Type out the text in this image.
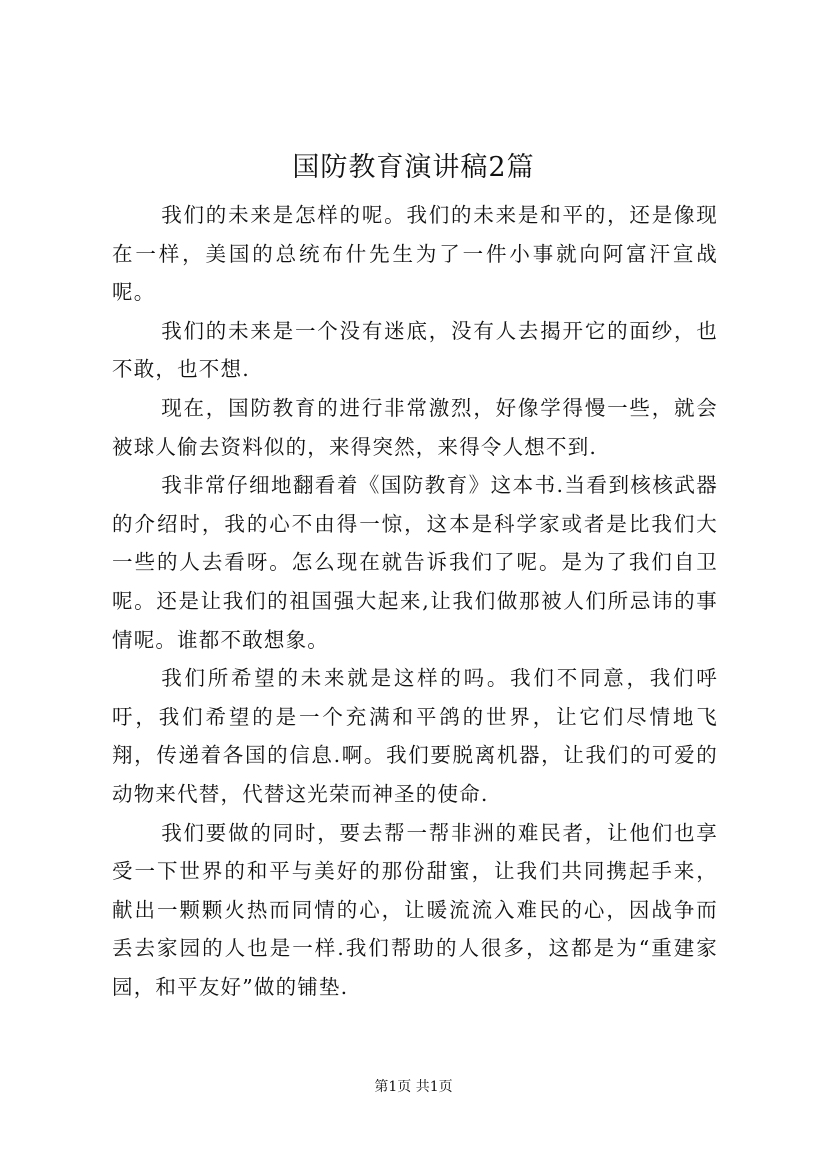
国防教育演讲稿2篇

我们的未来是怎样的呢。我们的未来是和平的，还是像现在一样，美国的总统布什先生为了一件小事就向阿富汗宣战呢。

我们的未来是一个没有迷底，没有人去揭开它的面纱，也不敢，也不想.

现在，国防教育的进行非常激烈，好像学得慢一些，就会被球人偷去资料似的，来得突然，来得令人想不到.

我非常仔细地翻看着《国防教育》这本书.当看到核核武器的介绍时，我的心不由得一惊，这本是科学家或者是比我们大一些的人去看呀。怎么现在就告诉我们了呢。是为了我们自卫呢。还是让我们的祖国强大起来,让我们做那被人们所忌讳的事情呢。谁都不敢想象。

我们所希望的未来就是这样的吗。我们不同意，我们呼吁，我们希望的是一个充满和平鸽的世界，让它们尽情地飞翔，传递着各国的信息.啊。我们要脱离机器，让我们的可爱的动物来代替，代替这光荣而神圣的使命.

我们要做的同时，要去帮一帮非洲的难民者，让他们也享受一下世界的和平与美好的那份甜蜜，让我们共同携起手来，献出一颗颗火热而同情的心，让暖流流入难民的心，因战争而丢去家园的人也是一样.我们帮助的人很多，这都是为“重建家园，和平友好”做的铺垫.

第1页 共1页
